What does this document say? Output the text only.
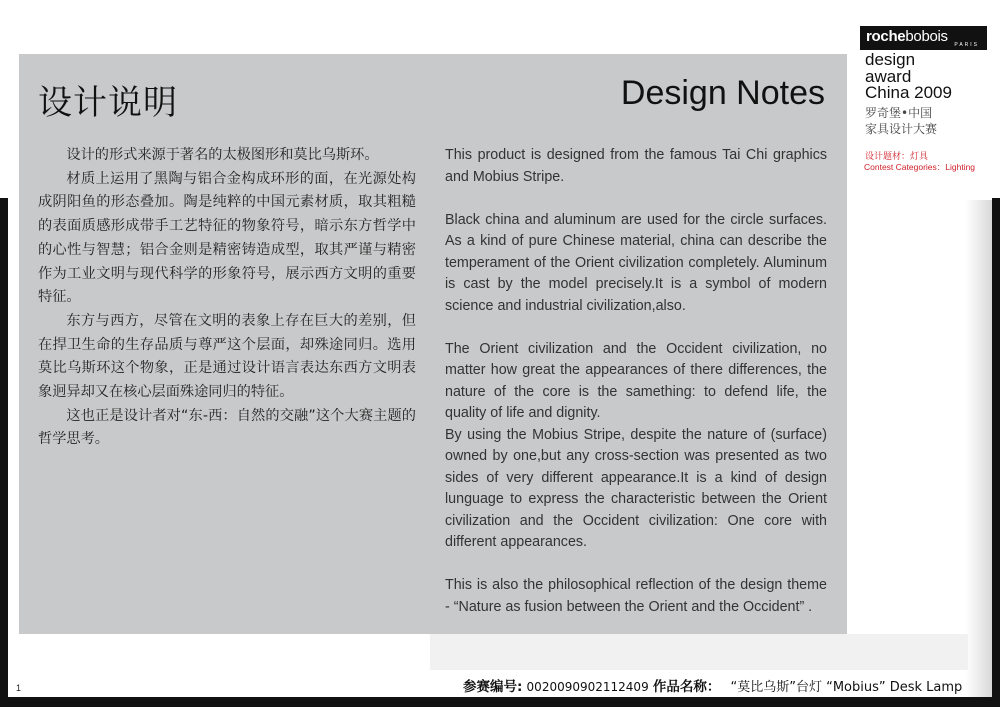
rochebobois PARIS
design
award
China 2009
罗奇堡•中国
家具设计大赛
设计题材：灯具
Contest Categories：Lighting
设计说明	Design Notes

设计的形式来源于著名的太极图形和莫比乌斯环。

材质上运用了黑陶与铝合金构成环形的面，在光源处构成阴阳鱼的形态叠加。陶是纯粹的中国元素材质，取其粗糙的表面质感形成带手工艺特征的物象符号，暗示东方哲学中的心性与智慧；铝合金则是精密铸造成型，取其严谨与精密作为工业文明与现代科学的形象符号，展示西方文明的重要特征。

东方与西方，尽管在文明的表象上存在巨大的差别，但在捍卫生命的生存品质与尊严这个层面，却殊途同归。选用莫比乌斯环这个物象，正是通过设计语言表达东西方文明表象迥异却又在核心层面殊途同归的特征。

这也正是设计者对“东-西：自然的交融”这个大赛主题的哲学思考。

This product is designed from the famous Tai Chi graphics and Mobius Stripe.

Black china and aluminum are used for the circle surfaces. As a kind of pure Chinese material, china can describe the temperament of the Orient civilization completely. Aluminum is cast by the model precisely.It is a symbol of modern science and industrial civilization,also.

The Orient civilization and the Occident civilization, no matter how great the appearances of there differences, the nature of the core is the samething: to defend life, the quality of life and dignity.

By using the Mobius Stripe, despite the nature of (surface) owned by one,but any cross-section was presented as two sides of very different appearance.It is a kind of design lunguage to express the characteristic between the Orient civilization and the Occident civilization: One core with different appearances.

This is also the philosophical reflection of the design theme - “Nature as fusion between the Orient and the Occident” .

参赛编号: 0020090902112409 作品名称： “莫比乌斯”台灯 “Mobius” Desk Lamp
1
